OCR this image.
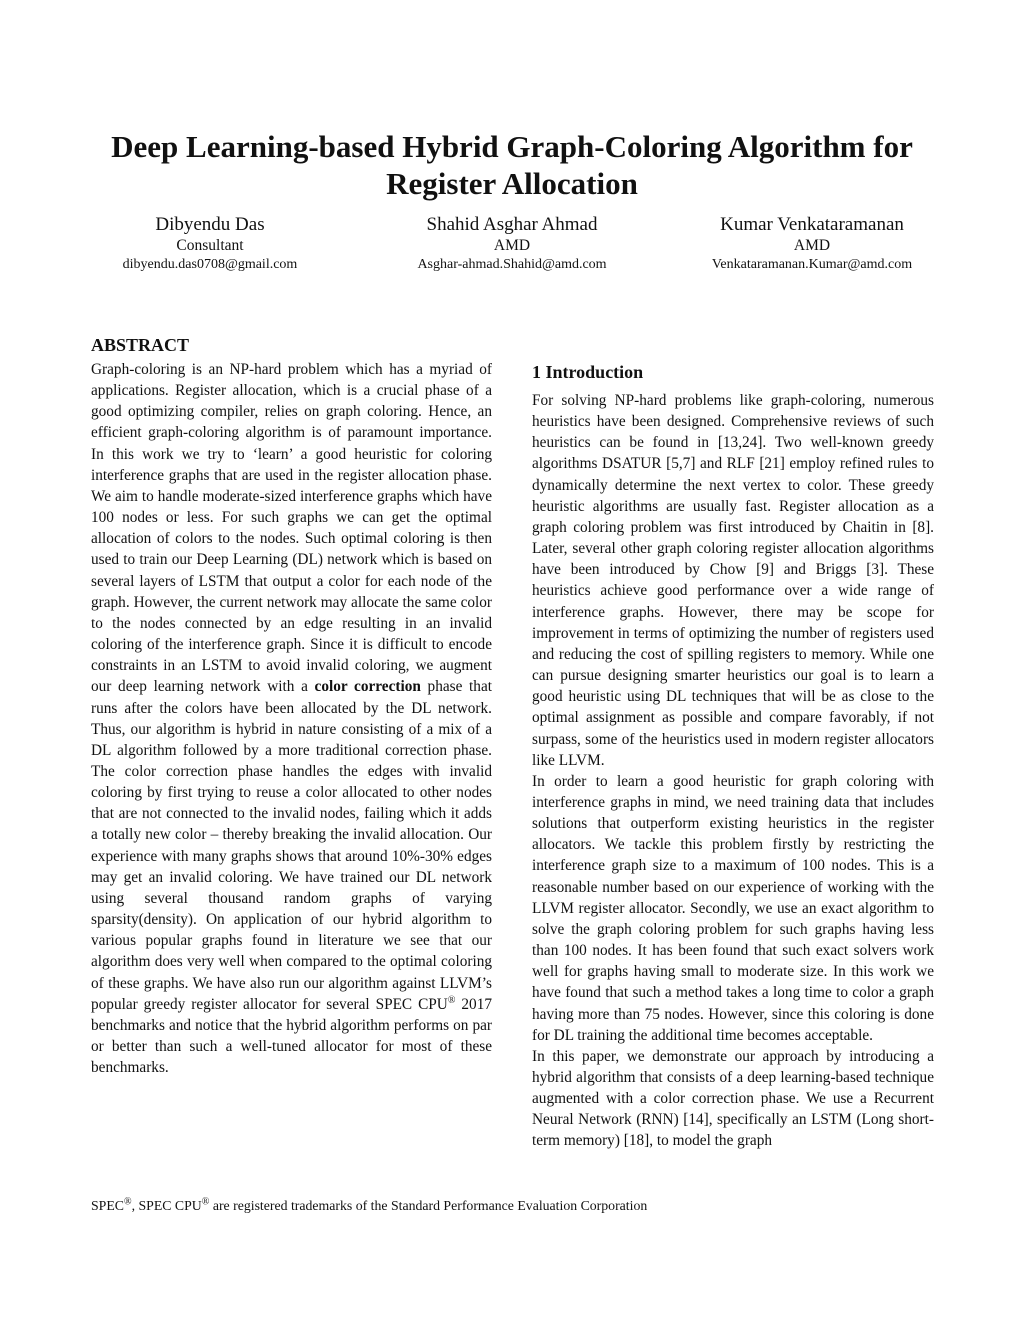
Deep Learning-based Hybrid Graph-Coloring Algorithm for Register Allocation
Dibyendu Das
Consultant
dibyendu.das0708@gmail.com
Shahid Asghar Ahmad
AMD
Asghar-ahmad.Shahid@amd.com
Kumar Venkataramanan
AMD
Venkataramanan.Kumar@amd.com
ABSTRACT

Graph-coloring is an NP-hard problem which has a myriad of applications. Register allocation, which is a crucial phase of a good optimizing compiler, relies on graph coloring. Hence, an efficient graph-coloring algorithm is of paramount importance. In this work we try to ‘learn’ a good heuristic for coloring interference graphs that are used in the register allocation phase. We aim to handle moderate-sized interference graphs which have 100 nodes or less. For such graphs we can get the optimal allocation of colors to the nodes. Such optimal coloring is then used to train our Deep Learning (DL) network which is based on several layers of LSTM that output a color for each node of the graph. However, the current network may allocate the same color to the nodes connected by an edge resulting in an invalid coloring of the interference graph. Since it is difficult to encode constraints in an LSTM to avoid invalid coloring, we augment our deep learning network with a color correction phase that runs after the colors have been allocated by the DL network. Thus, our algorithm is hybrid in nature consisting of a mix of a DL algorithm followed by a more traditional correction phase. The color correction phase handles the edges with invalid coloring by first trying to reuse a color allocated to other nodes that are not connected to the invalid nodes, failing which it adds a totally new color – thereby breaking the invalid allocation. Our experience with many graphs shows that around 10%-30% edges may get an invalid coloring. We have trained our DL network using several thousand random graphs of varying sparsity(density). On application of our hybrid algorithm to various popular graphs found in literature we see that our algorithm does very well when compared to the optimal coloring of these graphs. We have also run our algorithm against LLVM’s popular greedy register allocator for several SPEC CPU® 2017 benchmarks and notice that the hybrid algorithm performs on par or better than such a well-tuned allocator for most of these benchmarks.

1 Introduction

For solving NP-hard problems like graph-coloring, numerous heuristics have been designed. Comprehensive reviews of such heuristics can be found in [13,24]. Two well-known greedy algorithms DSATUR [5,7] and RLF [21] employ refined rules to dynamically determine the next vertex to color. These greedy heuristic algorithms are usually fast. Register allocation as a graph coloring problem was first introduced by Chaitin in [8]. Later, several other graph coloring register allocation algorithms have been introduced by Chow [9] and Briggs [3]. These heuristics achieve good performance over a wide range of interference graphs. However, there may be scope for improvement in terms of optimizing the number of registers used and reducing the cost of spilling registers to memory. While one can pursue designing smarter heuristics our goal is to learn a good heuristic using DL techniques that will be as close to the optimal assignment as possible and compare favorably, if not surpass, some of the heuristics used in modern register allocators like LLVM.

In order to learn a good heuristic for graph coloring with interference graphs in mind, we need training data that includes solutions that outperform existing heuristics in the register allocators. We tackle this problem firstly by restricting the interference graph size to a maximum of 100 nodes. This is a reasonable number based on our experience of working with the LLVM register allocator. Secondly, we use an exact algorithm to solve the graph coloring problem for such graphs having less than 100 nodes. It has been found that such exact solvers work well for graphs having small to moderate size. In this work we have found that such a method takes a long time to color a graph having more than 75 nodes. However, since this coloring is done for DL training the additional time becomes acceptable.

In this paper, we demonstrate our approach by introducing a hybrid algorithm that consists of a deep learning-based technique augmented with a color correction phase. We use a Recurrent Neural Network (RNN) [14], specifically an LSTM (Long short-term memory) [18], to model the graph

SPEC®, SPEC CPU® are registered trademarks of the Standard Performance Evaluation Corporation
